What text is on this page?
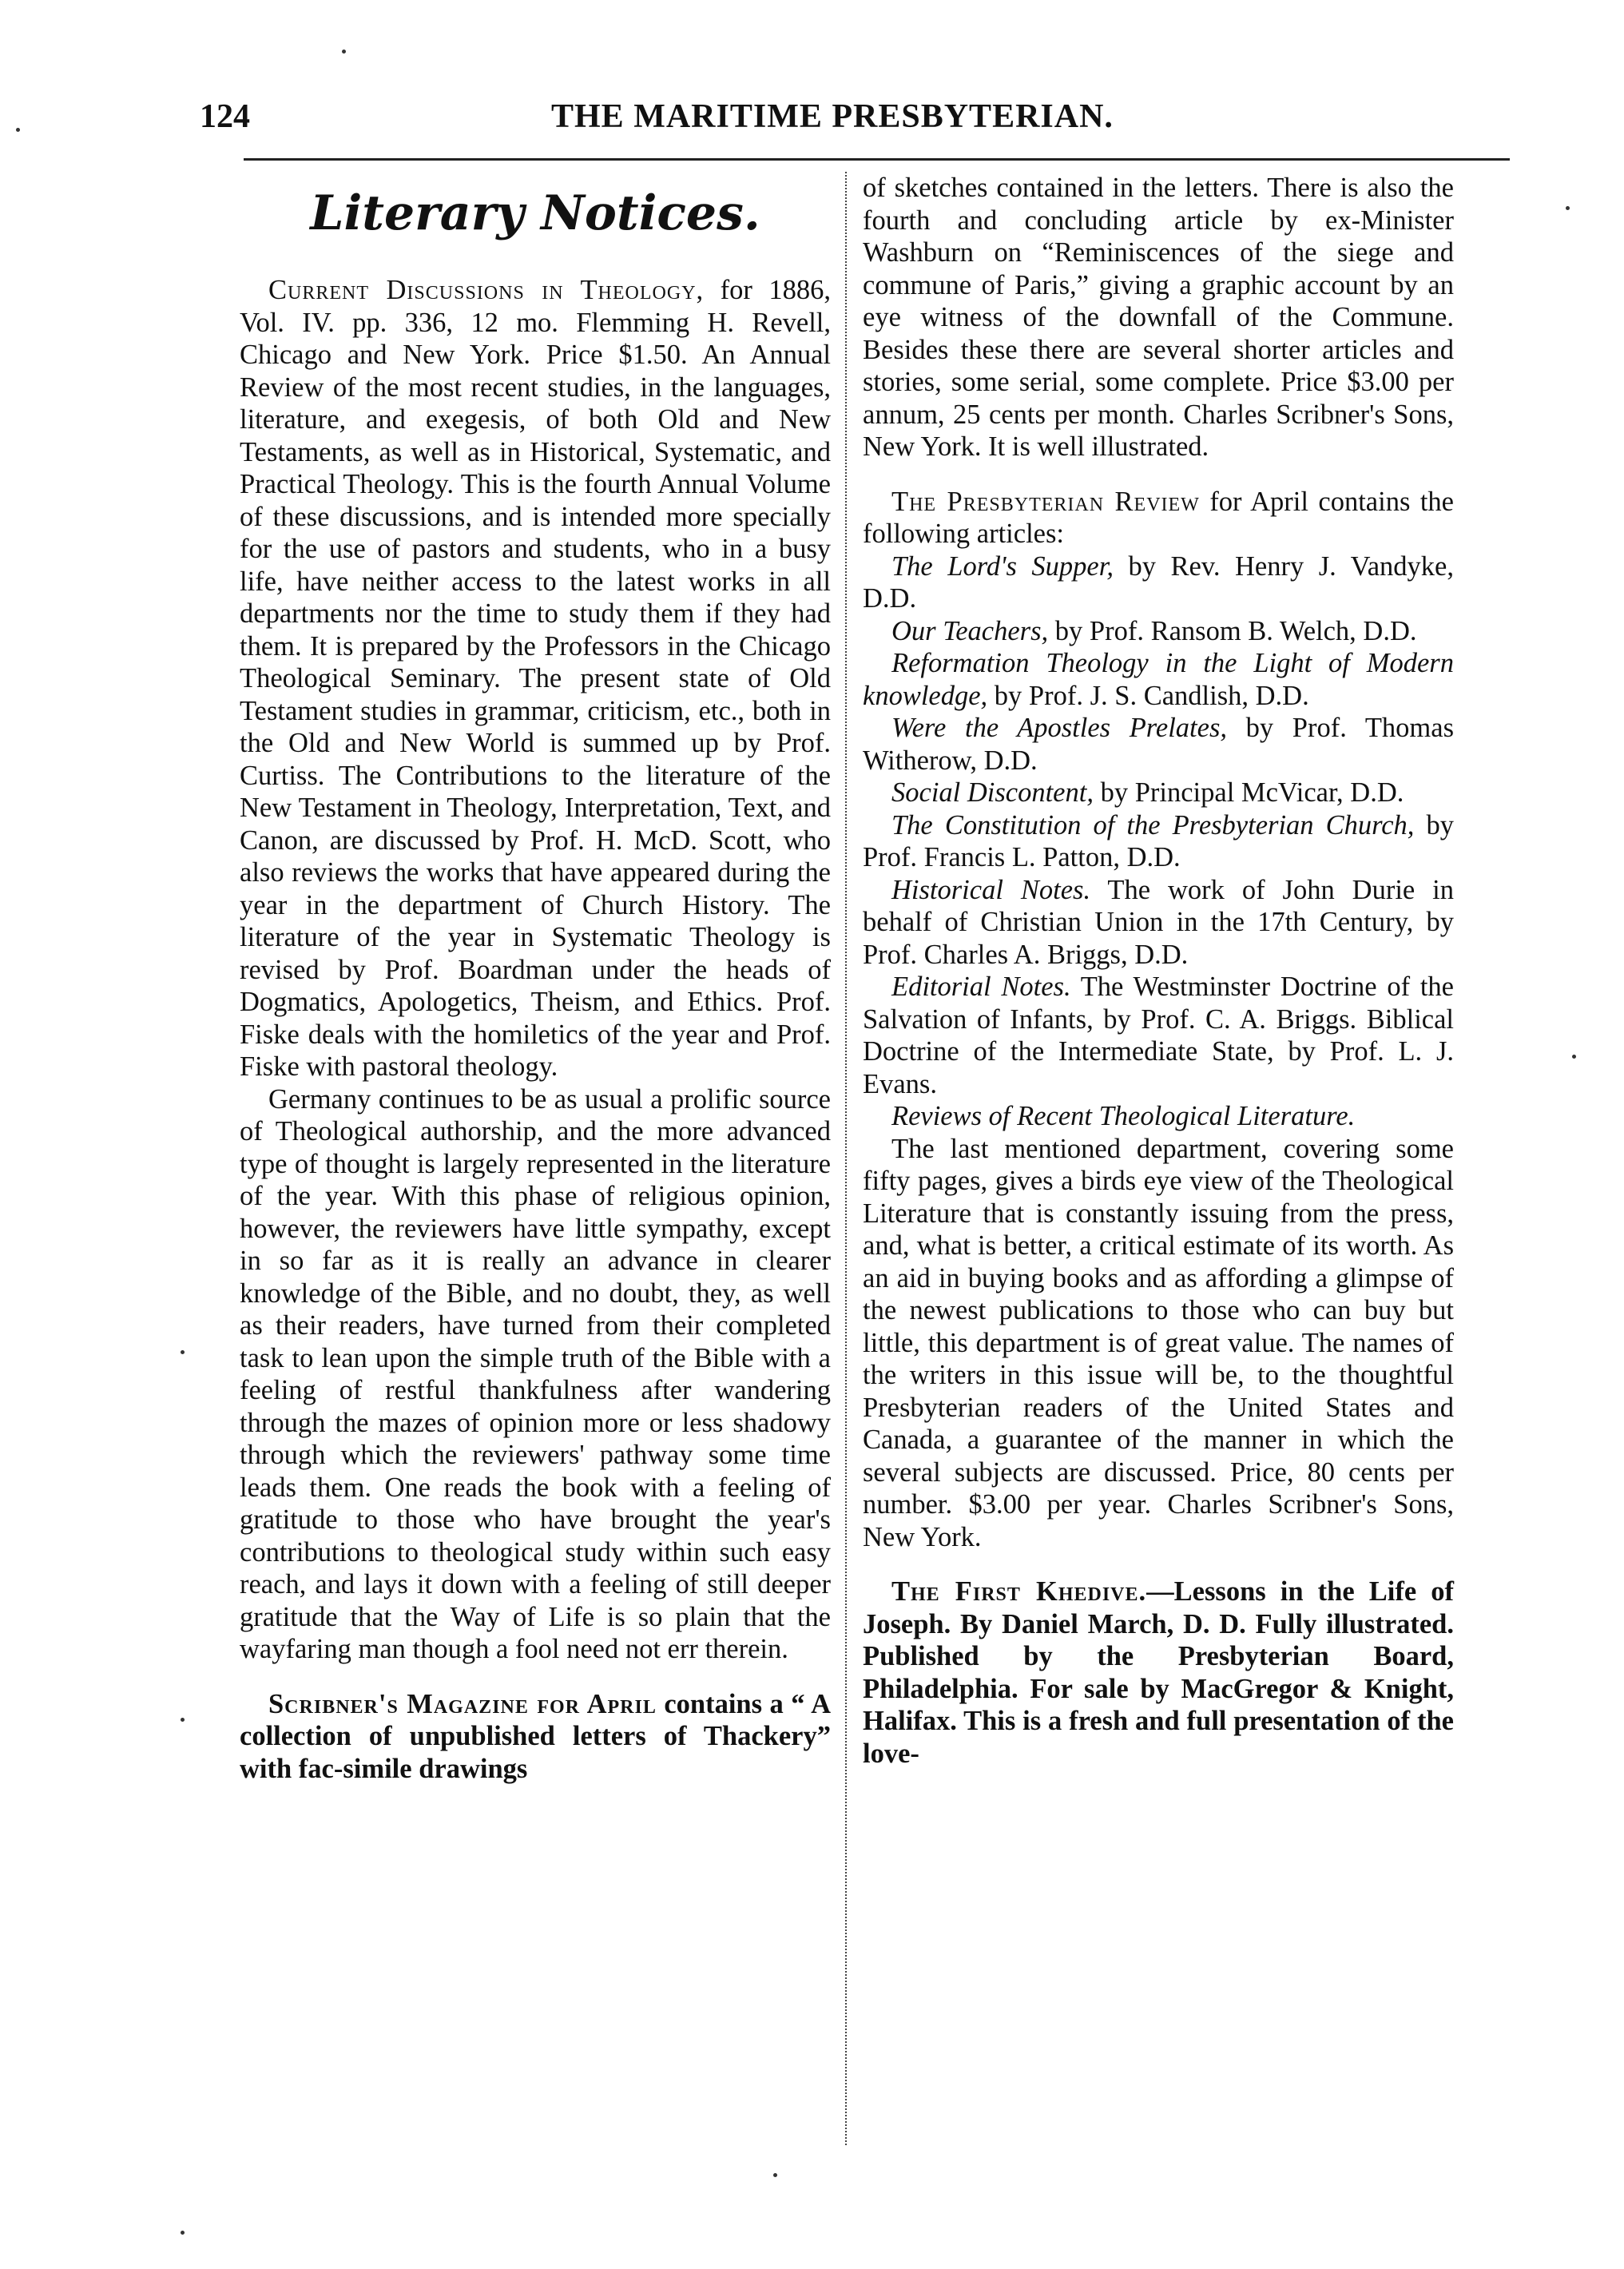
124	THE MARITIME PRESBYTERIAN.
Literary Notices.

Current Discussions in Theology, for 1886, Vol. IV. pp. 336, 12 mo. Flemming H. Revell, Chicago and New York. Price $1.50. An Annual Review of the most recent studies, in the languages, literature, and exegesis, of both Old and New Testaments, as well as in Historical, Systematic, and Practical Theology. This is the fourth Annual Volume of these discussions, and is intended more specially for the use of pastors and students, who in a busy life, have neither access to the latest works in all departments nor the time to study them if they had them. It is prepared by the Professors in the Chicago Theological Seminary. The present state of Old Testament studies in grammar, criticism, etc., both in the Old and New World is summed up by Prof. Curtiss. The Contributions to the literature of the New Testament in Theology, Interpretation, Text, and Canon, are discussed by Prof. H. McD. Scott, who also reviews the works that have appeared during the year in the department of Church History. The literature of the year in Systematic Theology is revised by Prof. Boardman under the heads of Dogmatics, Apologetics, Theism, and Ethics. Prof. Fiske deals with the homiletics of the year and Prof. Fiske with pastoral theology.

Germany continues to be as usual a prolific source of Theological authorship, and the more advanced type of thought is largely represented in the literature of the year. With this phase of religious opinion, however, the reviewers have little sympathy, except in so far as it is really an advance in clearer knowledge of the Bible, and no doubt, they, as well as their readers, have turned from their completed task to lean upon the simple truth of the Bible with a feeling of restful thankfulness after wandering through the mazes of opinion more or less shadowy through which the reviewers' pathway some time leads them. One reads the book with a feeling of gratitude to those who have brought the year's contributions to theological study within such easy reach, and lays it down with a feeling of still deeper gratitude that the Way of Life is so plain that the wayfaring man though a fool need not err therein.

Scribner's Magazine for April contains a “ A collection of unpublished letters of Thackery” with fac-simile drawings

of sketches contained in the letters. There is also the fourth and concluding article by ex-Minister Washburn on “Reminiscences of the siege and commune of Paris,” giving a graphic account by an eye witness of the downfall of the Commune. Besides these there are several shorter articles and stories, some serial, some complete. Price $3.00 per annum, 25 cents per month. Charles Scribner's Sons, New York. It is well illustrated.

The Presbyterian Review for April contains the following articles:

The Lord's Supper, by Rev. Henry J. Vandyke, D.D.

Our Teachers, by Prof. Ransom B. Welch, D.D.

Reformation Theology in the Light of Modern knowledge, by Prof. J. S. Candlish, D.D.

Were the Apostles Prelates, by Prof. Thomas Witherow, D.D.

Social Discontent, by Principal McVicar, D.D.

The Constitution of the Presbyterian Church, by Prof. Francis L. Patton, D.D.

Historical Notes. The work of John Durie in behalf of Christian Union in the 17th Century, by Prof. Charles A. Briggs, D.D.

Editorial Notes. The Westminster Doctrine of the Salvation of Infants, by Prof. C. A. Briggs. Biblical Doctrine of the Intermediate State, by Prof. L. J. Evans.

Reviews of Recent Theological Literature.

The last mentioned department, covering some fifty pages, gives a birds eye view of the Theological Literature that is constantly issuing from the press, and, what is better, a critical estimate of its worth. As an aid in buying books and as affording a glimpse of the newest publications to those who can buy but little, this department is of great value. The names of the writers in this issue will be, to the thoughtful Presbyterian readers of the United States and Canada, a guarantee of the manner in which the several subjects are discussed. Price, 80 cents per number. $3.00 per year. Charles Scribner's Sons, New York.

The First Khedive.—Lessons in the Life of Joseph. By Daniel March, D. D. Fully illustrated. Published by the Presbyterian Board, Philadelphia. For sale by MacGregor & Knight, Halifax. This is a fresh and full presentation of the love-
